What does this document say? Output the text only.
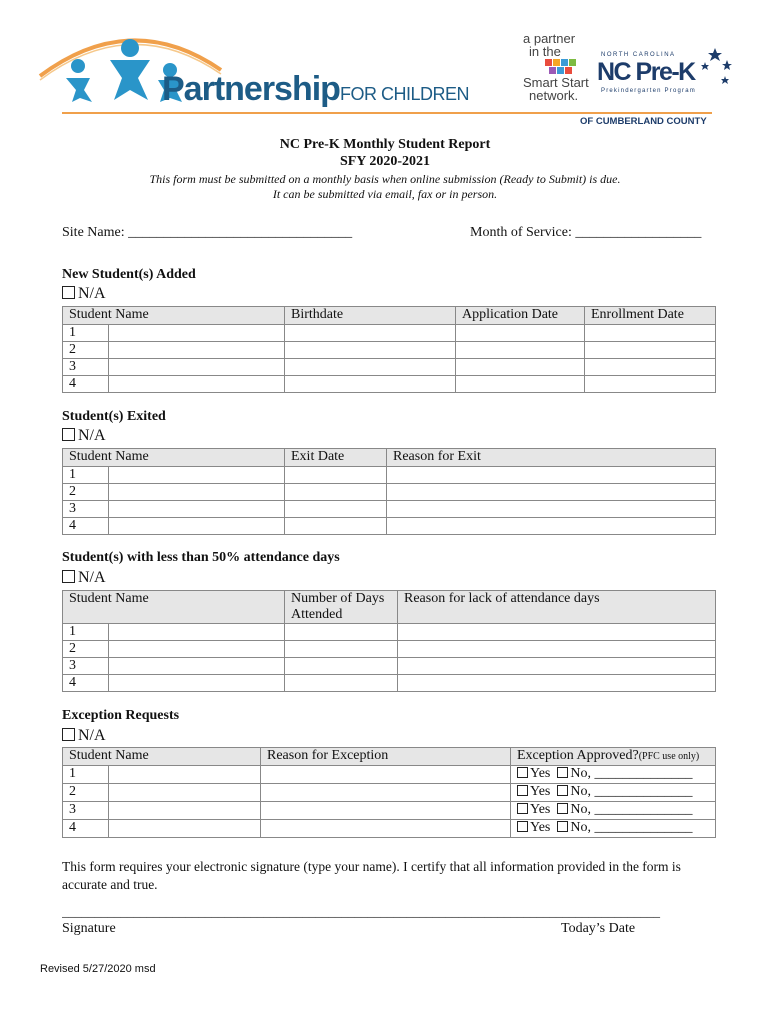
PartnershipFOR CHILDREN
a partner
in the
Smart Start
network.
NORTH CAROLINA
NC Pre-K
Prekindergarten Program
OF CUMBERLAND COUNTY
NC Pre-K Monthly Student Report
SFY 2020-2021
This form must be submitted on a monthly basis when online submission (Ready to Submit) is due.
It can be submitted via email, fax or in person.
Site Name: ________________________________	Month of Service: __________________
New Student(s) Added
N/A
Student Name		Birthdate	Application Date	Enrollment Date
1				
2				
3				
4				
Student(s) Exited
N/A
Student Name		Exit Date	Reason for Exit
1			
2			
3			
4			
Student(s) with less than 50% attendance days
N/A
Student Name		Number of Days Attended	Reason for lack of attendance days
1			
2			
3			
4			
Exception Requests
N/A
Student Name		Reason for Exception	Exception Approved?(PFC use only)
1			Yes No, ______________
2			Yes No, ______________
3			Yes No, ______________
4			Yes No, ______________
This form requires your electronic signature (type your name). I certify that all information provided in the form is accurate and true.
____________________________________________________________________________________________
Signature	Today’s Date
Revised 5/27/2020 msd
